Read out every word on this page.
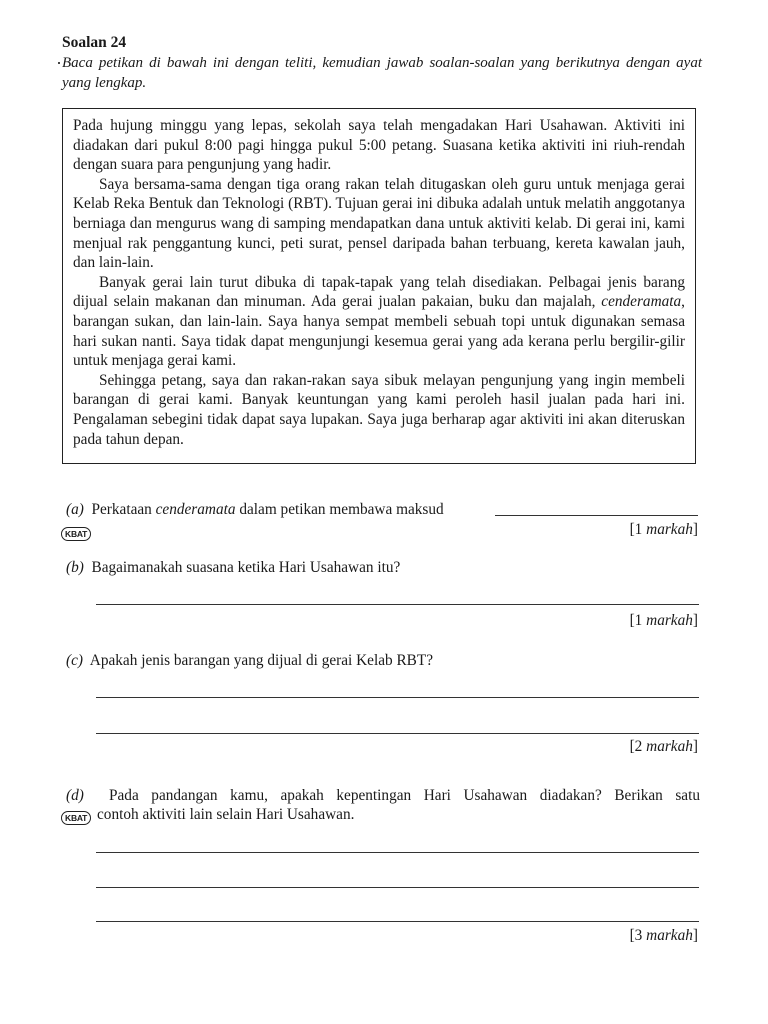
Soalan 24
Baca petikan di bawah ini dengan teliti, kemudian jawab soalan-soalan yang berikutnya dengan ayat yang lengkap.

Pada hujung minggu yang lepas, sekolah saya telah mengadakan Hari Usahawan. Aktiviti ini diadakan dari pukul 8:00 pagi hingga pukul 5:00 petang. Suasana ketika aktiviti ini riuh-rendah dengan suara para pengunjung yang hadir.

Saya bersama-sama dengan tiga orang rakan telah ditugaskan oleh guru untuk menjaga gerai Kelab Reka Bentuk dan Teknologi (RBT). Tujuan gerai ini dibuka adalah untuk melatih anggotanya berniaga dan mengurus wang di samping mendapatkan dana untuk aktiviti kelab. Di gerai ini, kami menjual rak penggantung kunci, peti surat, pensel daripada bahan terbuang, kereta kawalan jauh, dan lain-lain.

Banyak gerai lain turut dibuka di tapak-tapak yang telah disediakan. Pelbagai jenis barang dijual selain makanan dan minuman. Ada gerai jualan pakaian, buku dan majalah, cenderamata, barangan sukan, dan lain-lain. Saya hanya sempat membeli sebuah topi untuk digunakan semasa hari sukan nanti. Saya tidak dapat mengunjungi kesemua gerai yang ada kerana perlu bergilir-gilir untuk menjaga gerai kami.

Sehingga petang, saya dan rakan-rakan saya sibuk melayan pengunjung yang ingin membeli barangan di gerai kami. Banyak keuntungan yang kami peroleh hasil jualan pada hari ini. Pengalaman sebegini tidak dapat saya lupakan. Saya juga berharap agar aktiviti ini akan diteruskan pada tahun depan.

(a) Perkataan cenderamata dalam petikan membawa maksud
KBAT	[1 markah]
(b) Bagaimanakah suasana ketika Hari Usahawan itu?
[1 markah]
(c) Apakah jenis barangan yang dijual di gerai Kelab RBT?
[2 markah]
(d) Pada pandangan kamu, apakah kepentingan Hari Usahawan diadakan? Berikan satu
KBAT contoh aktiviti lain selain Hari Usahawan.
[3 markah]
